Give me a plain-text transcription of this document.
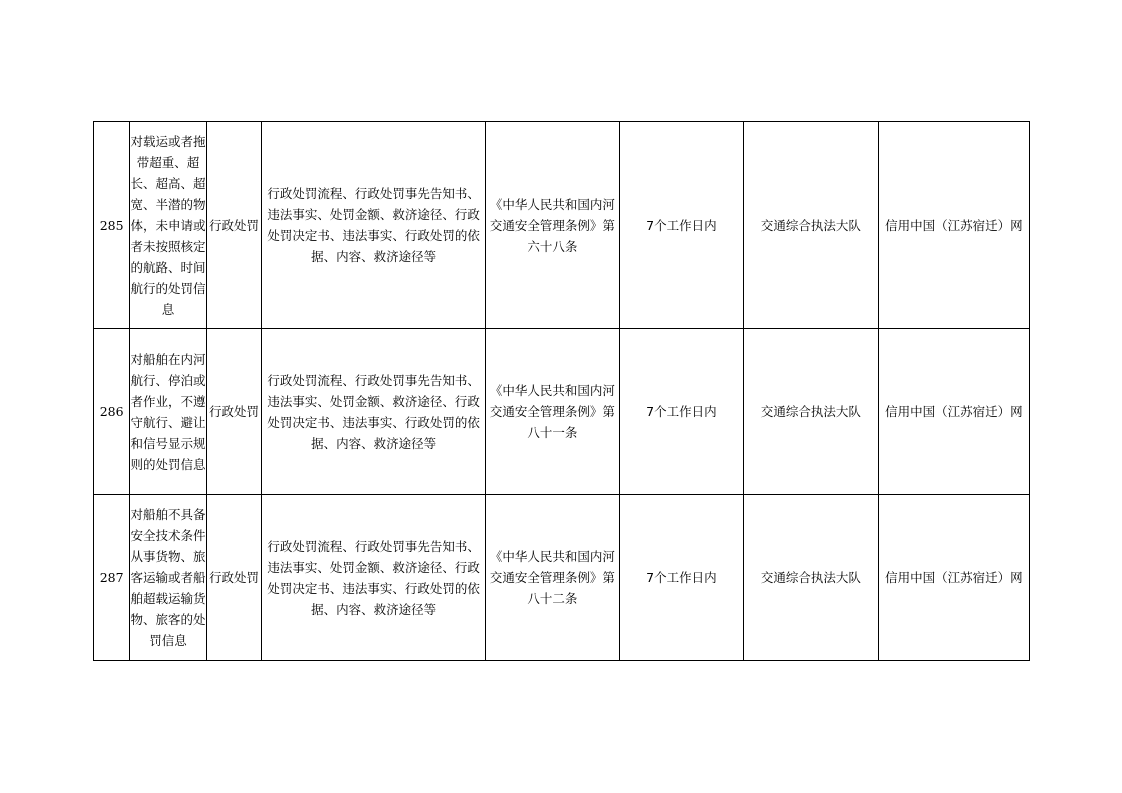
285	对载运或者拖带超重、超长、超高、超宽、半潜的物体，未申请或者未按照核定的航路、时间航行的处罚信息	行政处罚	行政处罚流程、行政处罚事先告知书、违法事实、处罚金额、救济途径、行政处罚决定书、违法事实、行政处罚的依据、内容、救济途径等	《中华人民共和国内河交通安全管理条例》第六十八条	7个工作日内	交通综合执法大队	信用中国（江苏宿迁）网

286	对船舶在内河航行、停泊或者作业，不遵守航行、避让和信号显示规则的处罚信息	行政处罚	行政处罚流程、行政处罚事先告知书、违法事实、处罚金额、救济途径、行政处罚决定书、违法事实、行政处罚的依据、内容、救济途径等	《中华人民共和国内河交通安全管理条例》第八十一条	7个工作日内	交通综合执法大队	信用中国（江苏宿迁）网

287	对船舶不具备安全技术条件从事货物、旅客运输或者船舶超载运输货物、旅客的处罚信息	行政处罚	行政处罚流程、行政处罚事先告知书、违法事实、处罚金额、救济途径、行政处罚决定书、违法事实、行政处罚的依据、内容、救济途径等	《中华人民共和国内河交通安全管理条例》第八十二条	7个工作日内	交通综合执法大队	信用中国（江苏宿迁）网
